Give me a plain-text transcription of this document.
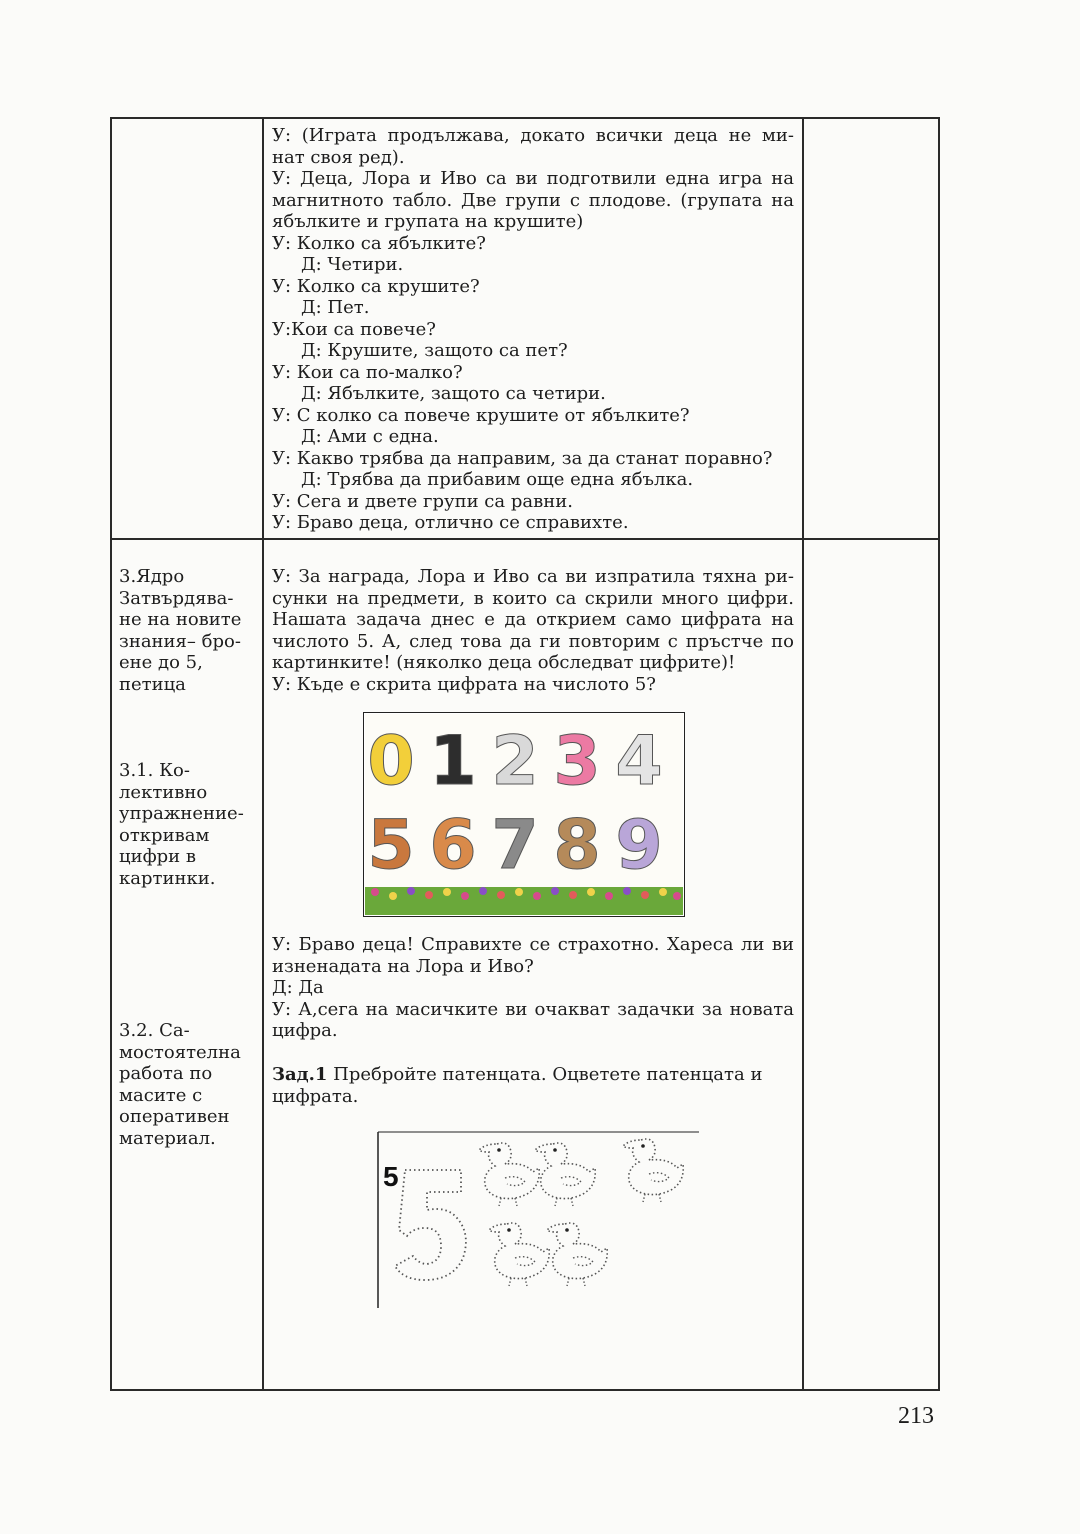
У: (Играта продължава, докато всички деца не ми-

нат своя ред).

У: Деца, Лора и Иво са ви подготвили една игра на

магнитното табло. Две групи с плодове. (групата на

ябълките и групата на крушите)

У: Колко са ябълките?

Д: Четири.

У: Колко са крушите?

Д: Пет.

У:Кои са повече?

Д: Крушите, защото са пет?

У: Кои са по-малко?

Д: Ябълките, защото са четири.

У: С колко са повече крушите от ябълките?

Д: Ами с една.

У: Какво трябва да направим, за да станат поравно?

Д: Трябва да прибавим още една ябълка.

У: Сега и двете групи са равни.

У: Браво деца, отлично се справихте.

3.Ядро

Затвърдява-

не на новите

знания– бро-

ене до 5,

петица

3.1. Ко-

лективно

упражнение-

откривам

цифри в

картинки.

3.2. Са-

мостоятелна

работа по

масите с

оперативен

материал.

У: За награда, Лора и Иво са ви изпратила тяхна ри-

сунки на предмети, в които са скрили много цифри.

Нашата задача днес е да открием само цифрата на

числото 5. А, след това да ги повторим с пръстче по

картинките! (няколко деца обследват цифрите)!

У: Къде е скрита цифрата на числото 5?

0 1 2 3 4
5 6 7 8 9

У: Браво деца! Справихте се страхотно. Хареса ли ви

изненадата на Лора и Иво?

Д: Да

У: А,сега на масичките ви очакват задачки за новата

цифра.

Зад.1 Пребройте патенцата. Оцветете патенцата и

цифрата.

5
213
